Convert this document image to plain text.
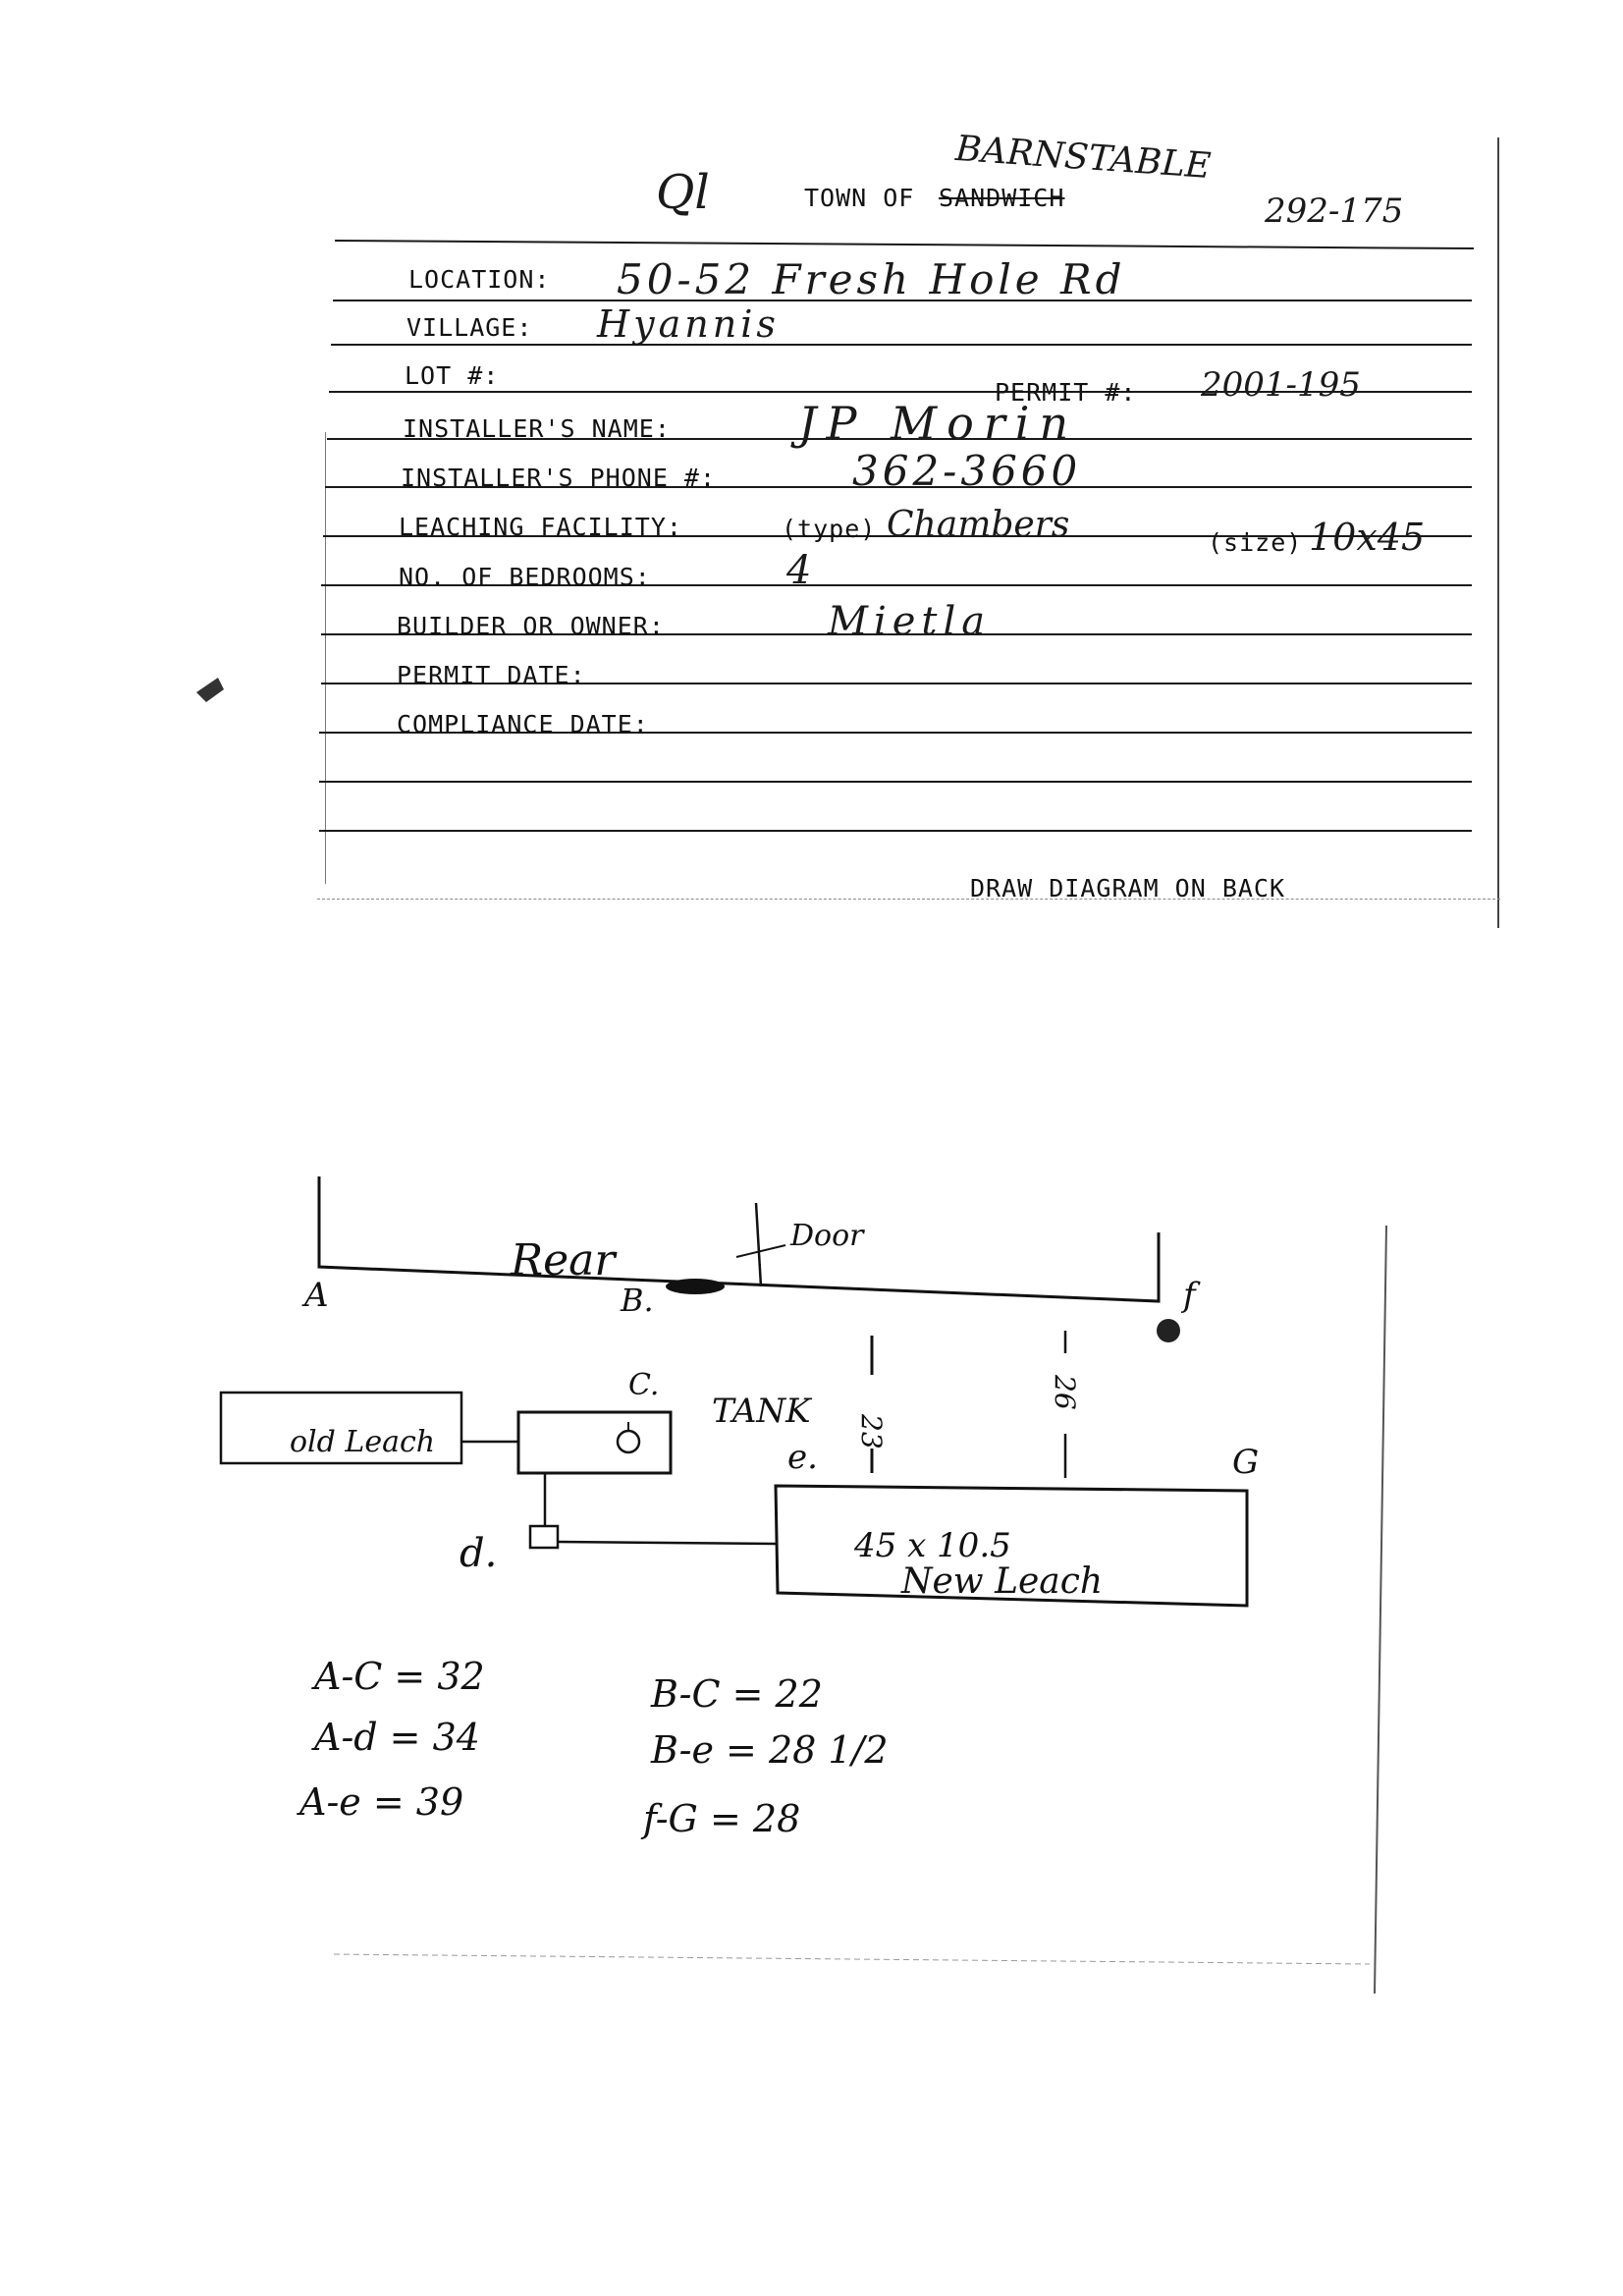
Ql	TOWN OF SANDWICH
BARNSTABLE
292-175
LOCATION: 50-52 Fresh Hole Rd
VILLAGE: Hyannis
LOT #:
PERMIT #: 2001-195
INSTALLER'S NAME:	JP Morin
INSTALLER'S PHONE #:	362-3660
LEACHING FACILITY:	(type) Chambers	(size) 10x45
NO. OF BEDROOMS:	4
BUILDER OR OWNER:	Mietla
PERMIT DATE:
COMPLIANCE DATE:
DRAW DIAGRAM ON BACK
Rear	Door
A	B.	f
old Leach
C.
TANK
d.
23
26
e.	G
45 x 10.5
New Leach
A-C = 32
A-d = 34
A-e = 39
B-C = 22
B-e = 28 1/2
f-G = 28
